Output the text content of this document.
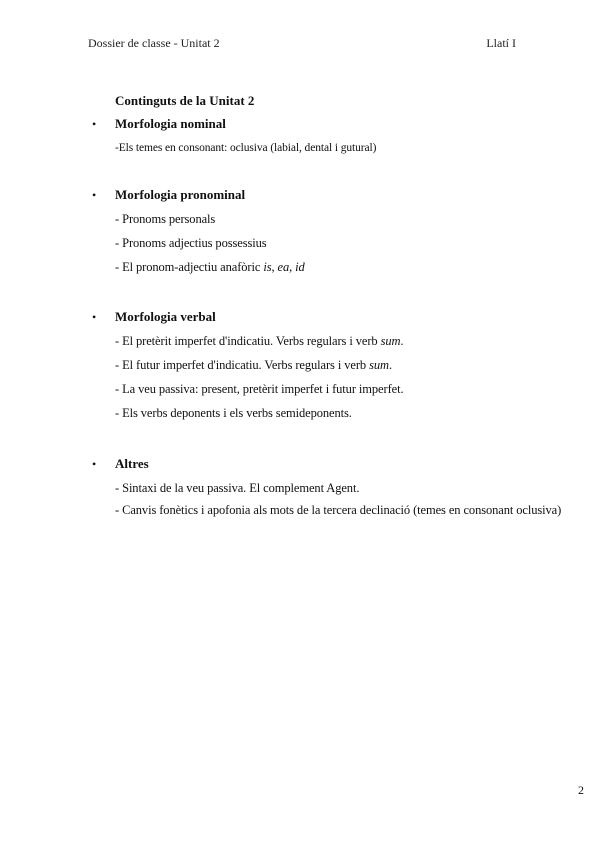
Dossier de classe - Unitat 2	Llatí I
Continguts de la Unitat 2
•	Morfologia nominal
-Els temes en consonant: oclusiva (labial, dental i gutural)
•	Morfologia pronominal
- Pronoms personals
- Pronoms adjectius possessius
- El pronom-adjectiu anafòric is, ea, id
•	Morfologia verbal
- El pretèrit imperfet d'indicatiu. Verbs regulars i verb sum.
- El futur imperfet d'indicatiu. Verbs regulars i verb sum.
- La veu passiva: present, pretèrit imperfet i futur imperfet.
- Els verbs deponents i els verbs semideponents.
•	Altres
- Sintaxi de la veu passiva. El complement Agent.
- Canvis fonètics i apofonia als mots de la tercera declinació (temes en consonant oclusiva)
2
